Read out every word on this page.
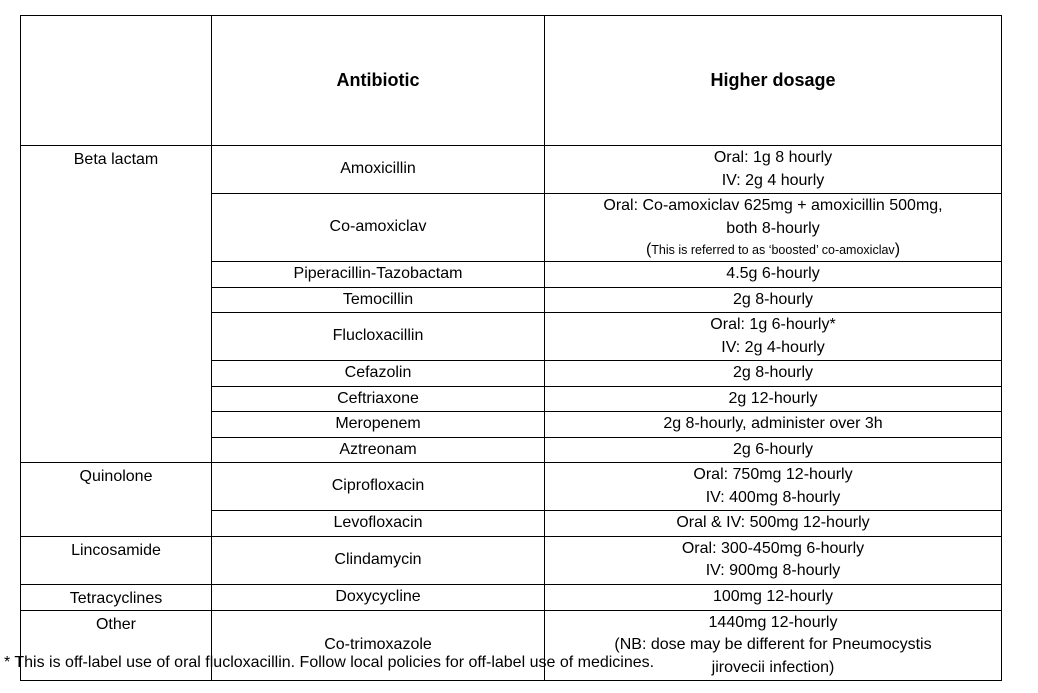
	Antibiotic	Higher dosage
Beta lactam	Amoxicillin	Oral: 1g 8 hourly
IV: 2g 4 hourly

	Co-amoxiclav	Oral: Co-amoxiclav 625mg + amoxicillin 500mg,
both 8-hourly
(This is referred to as ‘boosted’ co-amoxiclav)

	Piperacillin-Tazobactam	4.5g 6-hourly

	Temocillin	2g 8-hourly

	Flucloxacillin	Oral: 1g 6-hourly*
IV: 2g 4-hourly

	Cefazolin	2g 8-hourly

	Ceftriaxone	2g 12-hourly

	Meropenem	2g 8-hourly, administer over 3h

	Aztreonam	2g 6-hourly

Quinolone	Ciprofloxacin	Oral: 750mg 12-hourly
IV: 400mg 8-hourly

	Levofloxacin	Oral & IV: 500mg 12-hourly

Lincosamide	Clindamycin	Oral: 300-450mg 6-hourly
IV: 900mg 8-hourly

Tetracyclines	Doxycycline	100mg 12-hourly

Other	Co-trimoxazole	1440mg 12-hourly
(NB: dose may be different for Pneumocystis
jirovecii infection)
* This is off-label use of oral flucloxacillin. Follow local policies for off-label use of medicines.
